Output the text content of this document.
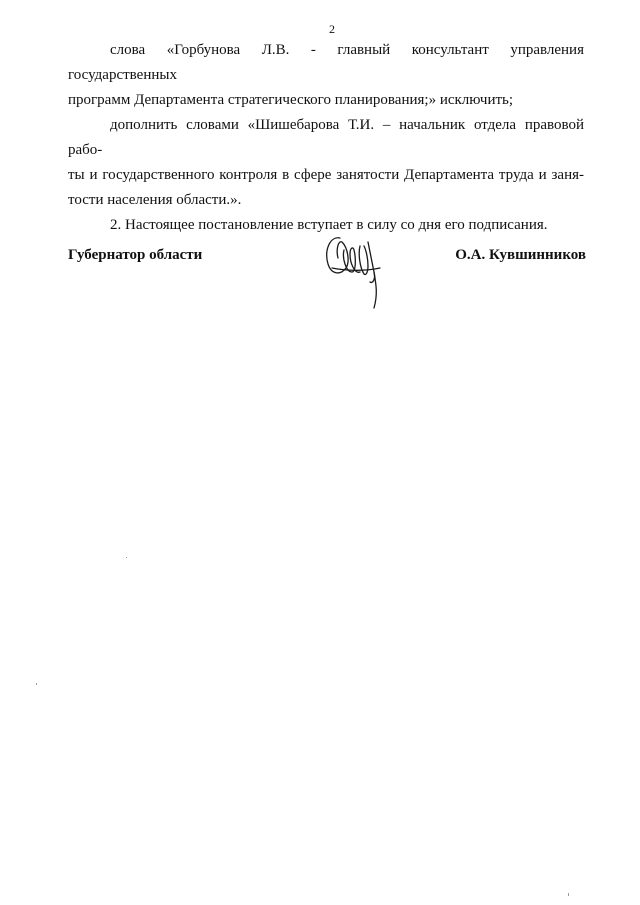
2

слова «Горбунова Л.В. - главный консультант управления государственных
программ Департамента стратегического планирования;» исключить;

дополнить словами «Шишебарова Т.И. – начальник отдела правовой рабо-
ты и государственного контроля в сфере занятости Департамента труда и заня-
тости населения области.».

2. Настоящее постановление вступает в силу со дня его подписания.

Губернатор области	О.А. Кувшинников
